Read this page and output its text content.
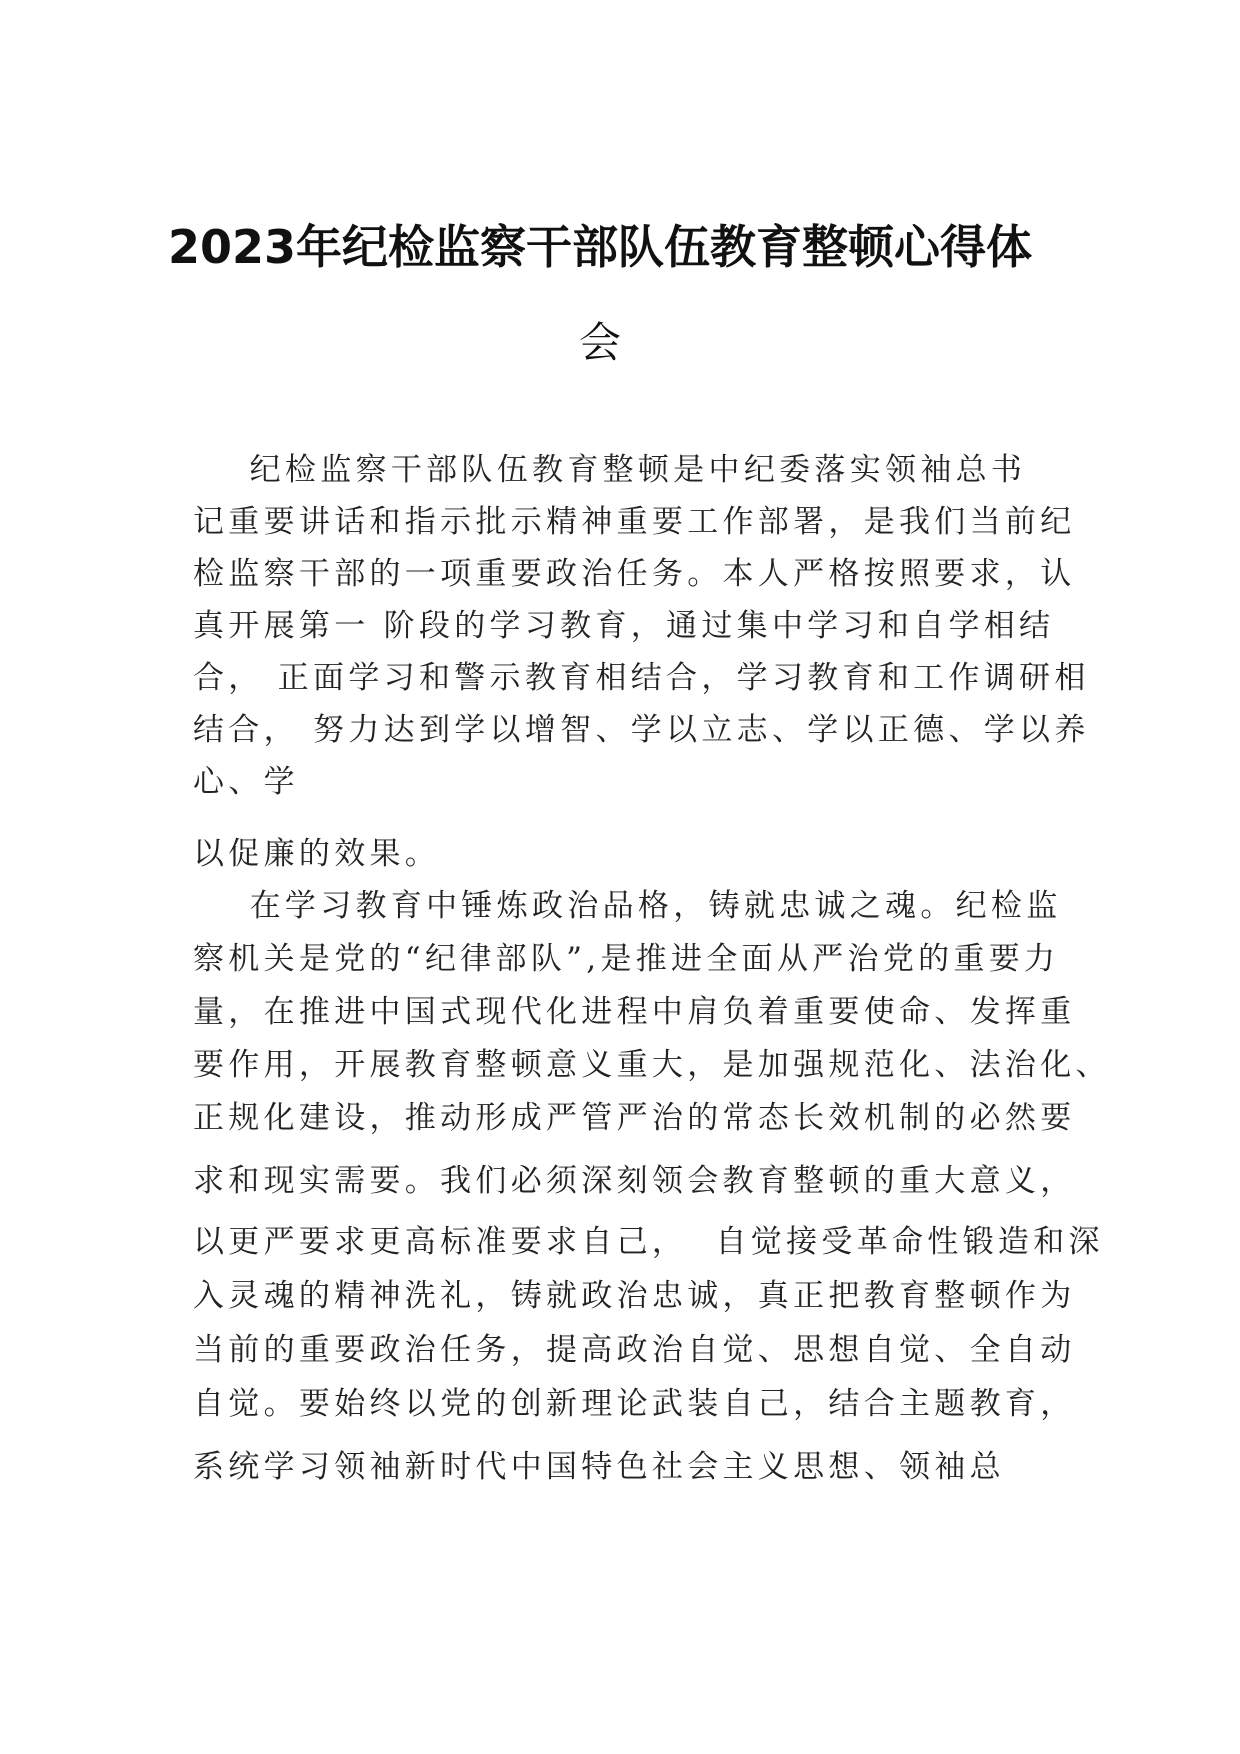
2023年纪检监察干部队伍教育整顿心得体
会
纪检监察干部队伍教育整顿是中纪委落实领袖总书
记重要讲话和指示批示精神重要工作部署，是我们当前纪
检监察干部的一项重要政治任务。本人严格按照要求，认
真开展第一 阶段的学习教育，通过集中学习和自学相结
合， 正面学习和警示教育相结合，学习教育和工作调研相
结合， 努力达到学以增智、学以立志、学以正德、学以养
心、学
以促廉的效果。
在学习教育中锤炼政治品格，铸就忠诚之魂。纪检监
察机关是党的“纪律部队”,是推进全面从严治党的重要力
量，在推进中国式现代化进程中肩负着重要使命、发挥重
要作用，开展教育整顿意义重大，是加强规范化、法治化、
正规化建设，推动形成严管严治的常态长效机制的必然要
求和现实需要。我们必须深刻领会教育整顿的重大意义，
以更严要求更高标准要求自己，  自觉接受革命性锻造和深
入灵魂的精神洗礼，铸就政治忠诚，真正把教育整顿作为
当前的重要政治任务，提高政治自觉、思想自觉、全自动
自觉。要始终以党的创新理论武装自己，结合主题教育，
系统学习领袖新时代中国特色社会主义思想、领袖总
